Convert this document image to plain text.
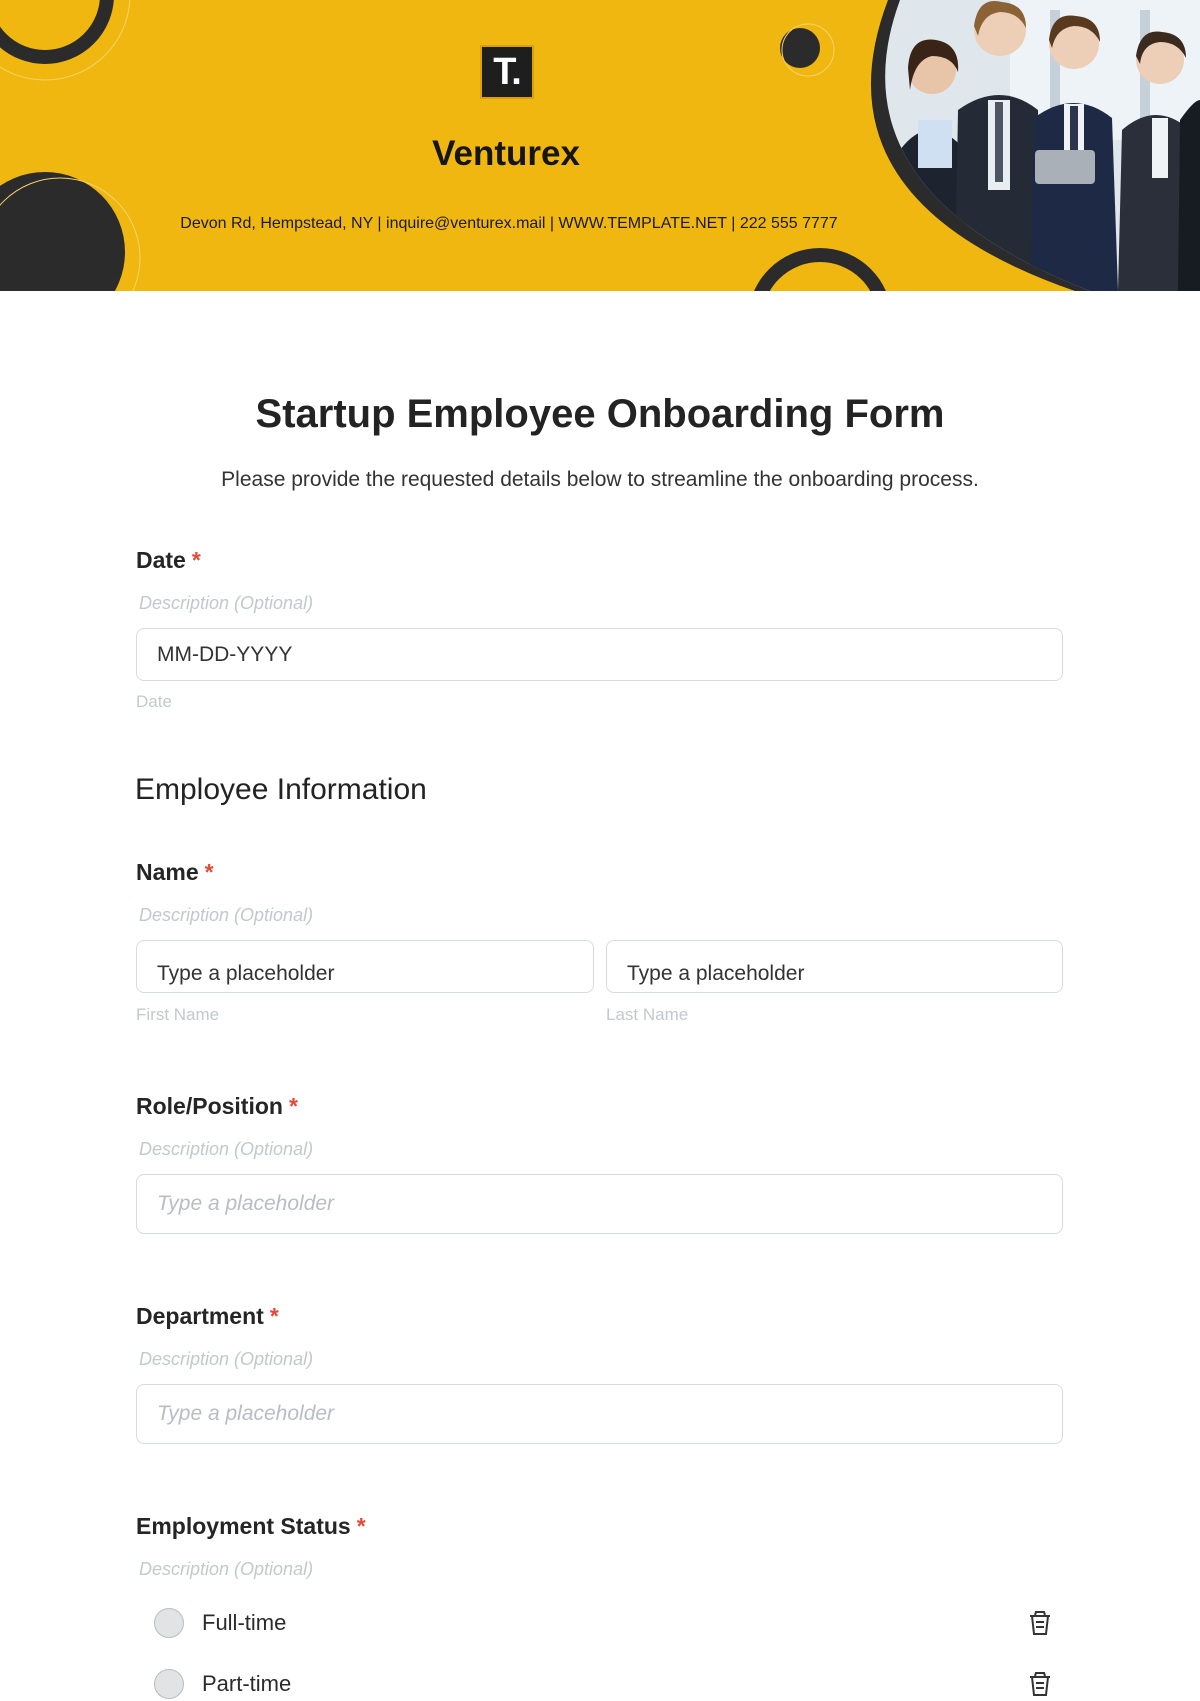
T.
Venturex
Devon Rd, Hempstead, NY | inquire@venturex.mail | WWW.TEMPLATE.NET | 222 555 7777
Startup Employee Onboarding Form
Please provide the requested details below to streamline the onboarding process.
Date *
Description (Optional)
MM-DD-YYYY
Date
Employee Information
Name *
Description (Optional)
Type a placeholder	Type a placeholder
First Name	Last Name
Role/Position *
Description (Optional)
Type a placeholder
Department *
Description (Optional)
Type a placeholder
Employment Status *
Description (Optional)
Full-time
Part-time
